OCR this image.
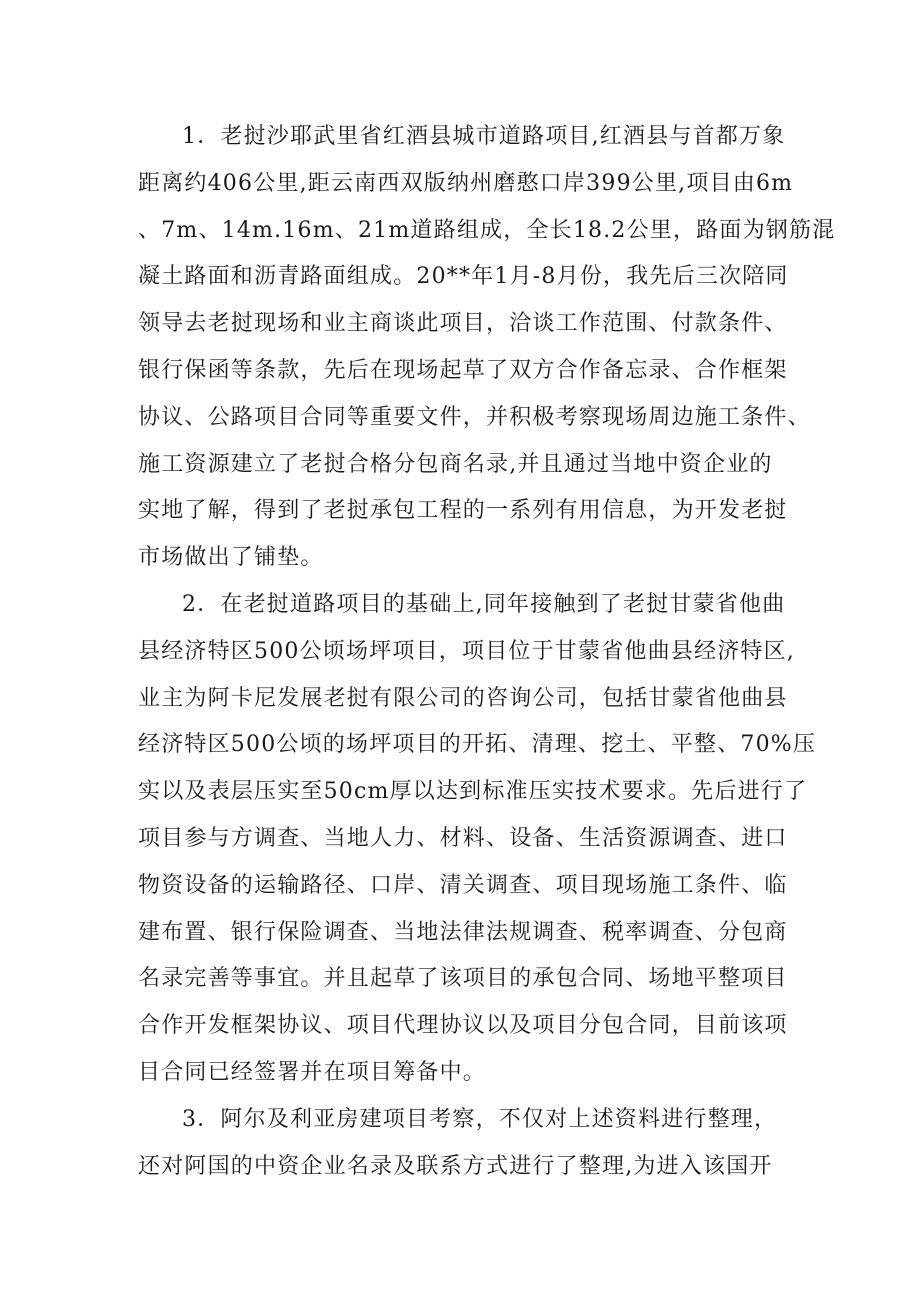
1．老挝沙耶武里省红酒县城市道路项目,红酒县与首都万象
距离约406公里,距云南西双版纳州磨憨口岸399公里,项目由6m
、7m、14m.16m、21m道路组成，全长18.2公里，路面为钢筋混
凝土路面和沥青路面组成。20**年1月-8月份，我先后三次陪同
领导去老挝现场和业主商谈此项目，洽谈工作范围、付款条件、
银行保函等条款，先后在现场起草了双方合作备忘录、合作框架
协议、公路项目合同等重要文件，并积极考察现场周边施工条件、
施工资源建立了老挝合格分包商名录,并且通过当地中资企业的
实地了解，得到了老挝承包工程的一系列有用信息，为开发老挝
市场做出了铺垫。
2．在老挝道路项目的基础上,同年接触到了老挝甘蒙省他曲
县经济特区500公顷场坪项目，项目位于甘蒙省他曲县经济特区,
业主为阿卡尼发展老挝有限公司的咨询公司，包括甘蒙省他曲县
经济特区500公顷的场坪项目的开拓、清理、挖土、平整、70%压
实以及表层压实至50cm厚以达到标准压实技术要求。先后进行了
项目参与方调查、当地人力、材料、设备、生活资源调查、进口
物资设备的运输路径、口岸、清关调查、项目现场施工条件、临
建布置、银行保险调查、当地法律法规调查、税率调查、分包商
名录完善等事宜。并且起草了该项目的承包合同、场地平整项目
合作开发框架协议、项目代理协议以及项目分包合同，目前该项
目合同已经签署并在项目筹备中。
3．阿尔及利亚房建项目考察，不仅对上述资料进行整理，
还对阿国的中资企业名录及联系方式进行了整理,为进入该国开
